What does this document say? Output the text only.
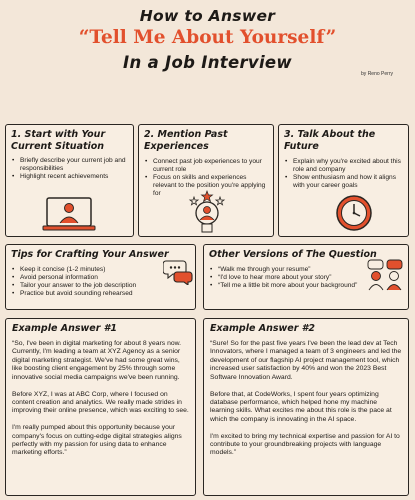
How to Answer
“Tell Me About Yourself”
In a Job Interview
by Reno Perry
1. Start with Your Current Situation
• Briefly describe your current job and responsibilities
• Highlight recent achievements
2. Mention Past Experiences
• Connect past job experiences to your current role
• Focus on skills and experiences relevant to the position you're applying for
3. Talk About the Future
• Explain why you're excited about this role and company
• Show enthusiasm and how it aligns with your career goals
Tips for Crafting Your Answer
• Keep it concise (1-2 minutes)
• Avoid personal information
• Tailor your answer to the job description
• Practice but avoid sounding rehearsed
Other Versions of The Question
• “Walk me through your resume”
• “I'd love to hear more about your story”
• “Tell me a little bit more about your background”
Example Answer #1

“So, I've been in digital marketing for about 8 years now. Currently, I'm leading a team at XYZ Agency as a senior digital marketing strategist. We've had some great wins, like boosting client engagement by 25% through some innovative social media campaigns we've been running.

Before XYZ, I was at ABC Corp, where I focused on content creation and analytics. We really made strides in improving their online presence, which was exciting to see.

I'm really pumped about this opportunity because your company's focus on cutting-edge digital strategies aligns perfectly with my passion for using data to enhance marketing efforts.”

Example Answer #2

“Sure! So for the past five years I've been the lead dev at Tech Innovators, where I managed a team of 3 engineers and led the development of our flagship AI project management tool, which increased user satisfaction by 40% and won the 2023 Best Software Innovation Award.

Before that, at CodeWorks, I spent four years optimizing database performance, which helped hone my machine learning skills. What excites me about this role is the pace at which the company is innovating in the AI space.

I'm excited to bring my technical expertise and passion for AI to contribute to your groundbreaking projects with language models.”
